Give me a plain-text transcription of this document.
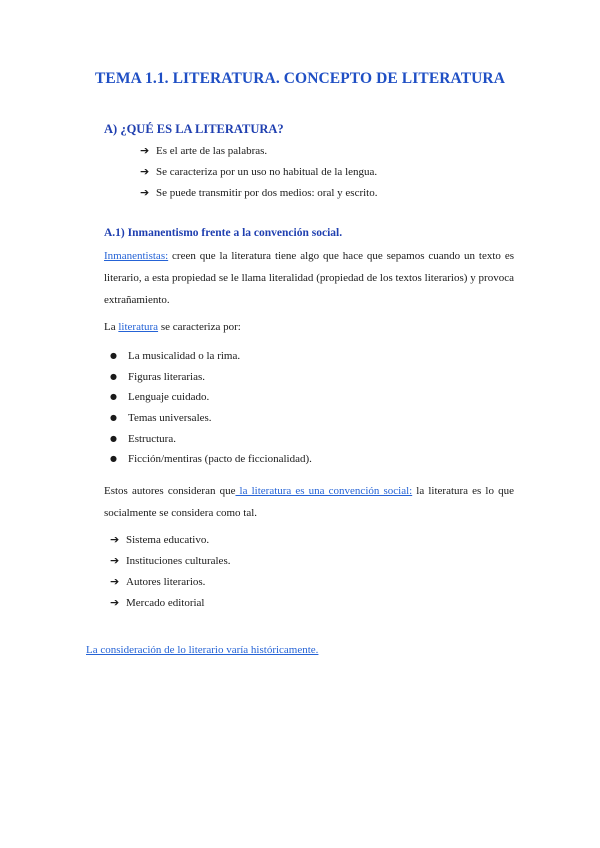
TEMA 1.1. LITERATURA. CONCEPTO DE LITERATURA
A) ¿QUÉ ES LA LITERATURA?
➔ Es el arte de las palabras.
➔ Se caracteriza por un uso no habitual de la lengua.
➔ Se puede transmitir por dos medios: oral y escrito.
A.1) Inmanentismo frente a la convención social.
Inmanentistas: creen que la literatura tiene algo que hace que sepamos cuando un texto es literario, a esta propiedad se le llama literalidad (propiedad de los textos literarios) y provoca extrañamiento.
La literatura se caracteriza por:
● La musicalidad o la rima.
● Figuras literarias.
● Lenguaje cuidado.
● Temas universales.
● Estructura.
● Ficción/mentiras (pacto de ficcionalidad).
Estos autores consideran que la literatura es una convención social: la literatura es lo que socialmente se considera como tal.
➔ Sistema educativo.
➔ Instituciones culturales.
➔ Autores literarios.
➔ Mercado editorial
La consideración de lo literario varía históricamente.
